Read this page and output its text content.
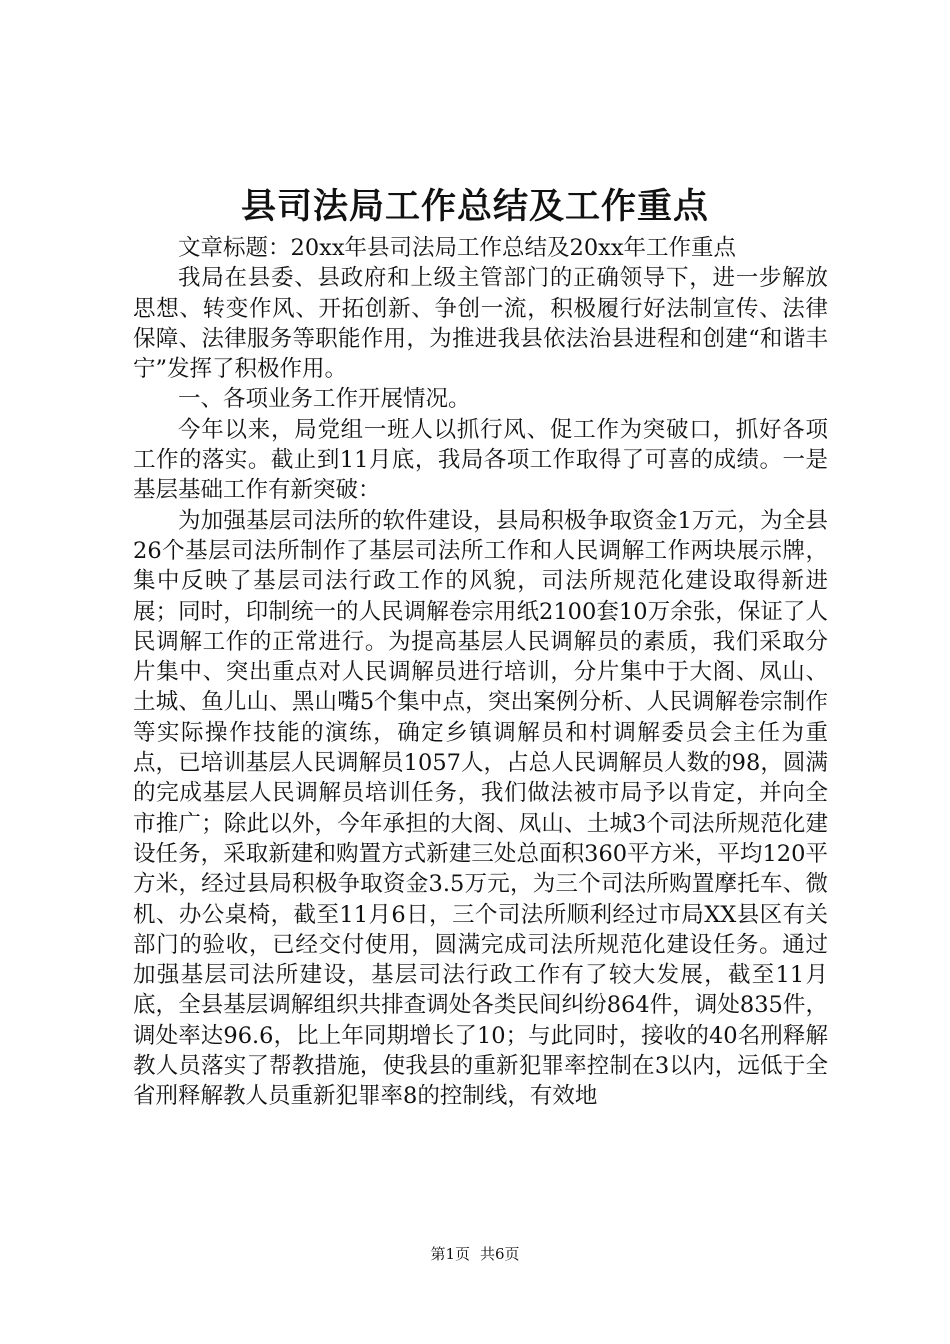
县司法局工作总结及工作重点

文章标题：20xx年县司法局工作总结及20xx年工作重点

我局在县委、县政府和上级主管部门的正确领导下，进一步解放思想、转变作风、开拓创新、争创一流，积极履行好法制宣传、法律保障、法律服务等职能作用，为推进我县依法治县进程和创建“和谐丰宁”发挥了积极作用。

一、各项业务工作开展情况。

今年以来，局党组一班人以抓行风、促工作为突破口，抓好各项工作的落实。截止到11月底，我局各项工作取得了可喜的成绩。一是基层基础工作有新突破：

为加强基层司法所的软件建设，县局积极争取资金1万元，为全县26个基层司法所制作了基层司法所工作和人民调解工作两块展示牌，集中反映了基层司法行政工作的风貌，司法所规范化建设取得新进展；同时，印制统一的人民调解卷宗用纸2100套10万余张，保证了人民调解工作的正常进行。为提高基层人民调解员的素质，我们采取分片集中、突出重点对人民调解员进行培训，分片集中于大阁、凤山、土城、鱼儿山、黑山嘴5个集中点，突出案例分析、人民调解卷宗制作等实际操作技能的演练，确定乡镇调解员和村调解委员会主任为重点，已培训基层人民调解员1057人，占总人民调解员人数的98，圆满的完成基层人民调解员培训任务，我们做法被市局予以肯定，并向全市推广；除此以外，今年承担的大阁、凤山、土城3个司法所规范化建设任务，采取新建和购置方式新建三处总面积360平方米，平均120平方米，经过县局积极争取资金3.5万元，为三个司法所购置摩托车、微机、办公桌椅，截至11月6日，三个司法所顺利经过市局XX县区有关部门的验收，已经交付使用，圆满完成司法所规范化建设任务。通过加强基层司法所建设，基层司法行政工作有了较大发展，截至11月底，全县基层调解组织共排查调处各类民间纠纷864件，调处835件，调处率达96.6，比上年同期增长了10；与此同时，接收的40名刑释解教人员落实了帮教措施，使我县的重新犯罪率控制在3以内，远低于全省刑释解教人员重新犯罪率8的控制线，有效地

第1页 共6页
